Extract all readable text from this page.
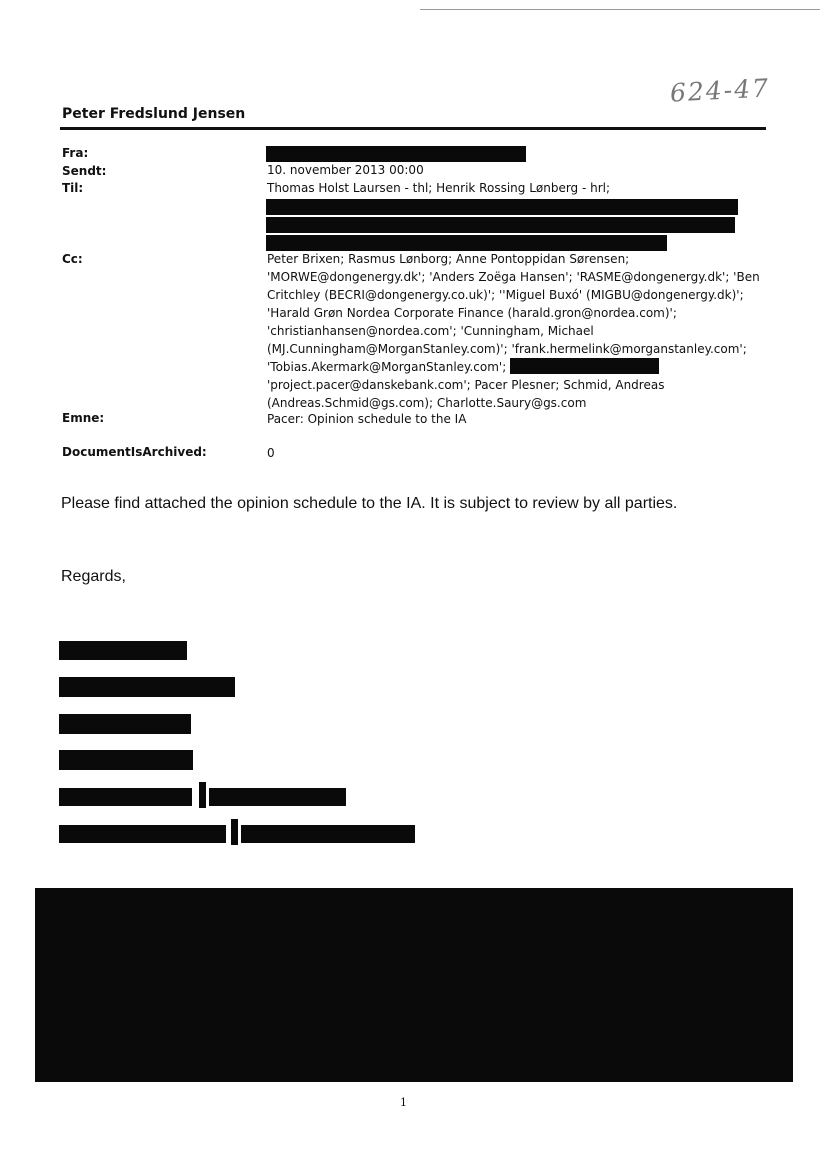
624-47
Peter Fredslund Jensen
Fra:
Sendt:
Til:
Cc:
Emne:
DocumentIsArchived:
10. november 2013 00:00
Thomas Holst Laursen - thl; Henrik Rossing Lønberg - hrl;
Peter Brixen; Rasmus Lønborg; Anne Pontoppidan Sørensen;
'MORWE@dongenergy.dk'; 'Anders Zoëga Hansen'; 'RASME@dongenergy.dk'; 'Ben
Critchley (BECRI@dongenergy.co.uk)'; ''Miguel Buxó' (MIGBU@dongenergy.dk)';
'Harald Grøn Nordea Corporate Finance (harald.gron@nordea.com)';
'christianhansen@nordea.com'; 'Cunningham, Michael
(MJ.Cunningham@MorganStanley.com)'; 'frank.hermelink@morganstanley.com';
'Tobias.Akermark@MorganStanley.com';
'project.pacer@danskebank.com'; Pacer Plesner; Schmid, Andreas
(Andreas.Schmid@gs.com); Charlotte.Saury@gs.com
Pacer: Opinion schedule to the IA
0
Please find attached the opinion schedule to the IA. It is subject to review by all parties.
Regards,
1
